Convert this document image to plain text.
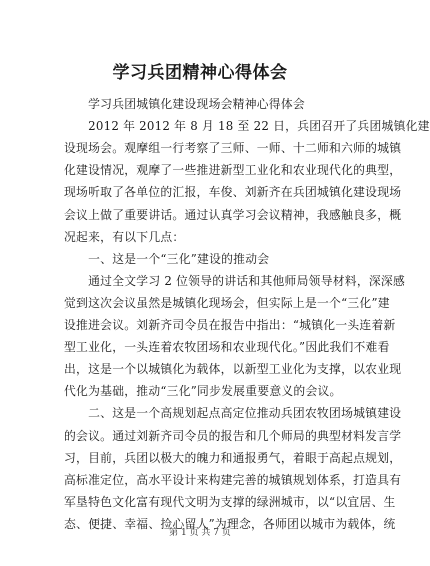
学习兵团精神心得体会
　　学习兵团城镇化建设现场会精神心得体会
　　2012 年 2012 年 8 月 18 至 22 日，兵团召开了兵团城镇化建
设现场会。观摩组一行考察了三师、一师、十二师和六师的城镇
化建设情况，观摩了一些推进新型工业化和农业现代化的典型，
现场听取了各单位的汇报，车俊、刘新齐在兵团城镇化建设现场
会议上做了重要讲话。通过认真学习会议精神，我感触良多，概
况起来，有以下几点：
　　一、这是一个“三化”建设的推动会
　　通过全文学习 2 位领导的讲话和其他师局领导材料，深深感
觉到这次会议虽然是城镇化现场会，但实际上是一个“三化”建
设推进会议。刘新齐司令员在报告中指出：“城镇化一头连着新
型工业化，一头连着农牧团场和农业现代化。”因此我们不难看
出，这是一个以城镇化为载体，以新型工业化为支撑，以农业现
代化为基础，推动“三化”同步发展重要意义的会议。
　　二、这是一个高规划起点高定位推动兵团农牧团场城镇建设
的会议。通过刘新齐司令员的报告和几个师局的典型材料发言学
习，目前，兵团以极大的魄力和通报勇气，着眼于高起点规划，
高标准定位，高水平设计来构建完善的城镇规划体系，打造具有
军垦特色文化富有现代文明为支撑的绿洲城市，以“以宜居、生
态、便捷、幸福、捡心留人”为理念，各师团以城市为载体，统
第 1 页 共 7 页
